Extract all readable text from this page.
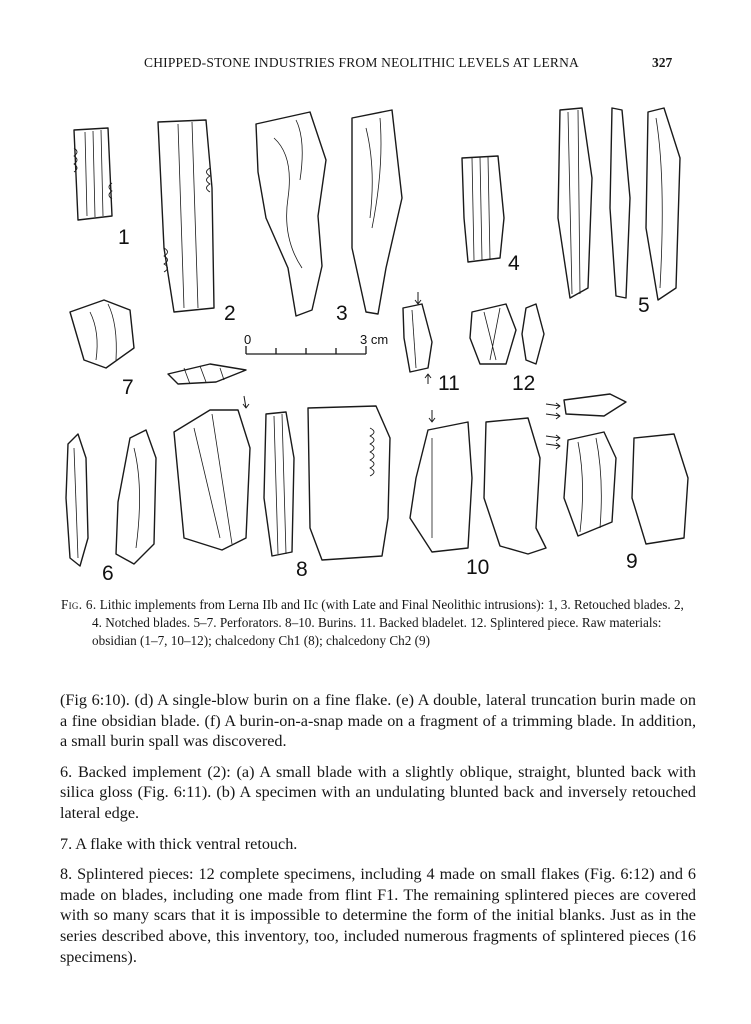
CHIPPED-STONE INDUSTRIES FROM NEOLITHIC LEVELS AT LERNA	327
0	3 cm
1
2	3
4
5
6
7
8	9
10
11 12
Fig. 6. Lithic implements from Lerna IIb and IIc (with Late and Final Neolithic intrusions): 1, 3. Retouched blades. 2, 4. Notched blades. 5–7. Perforators. 8–10. Burins. 11. Backed bladelet. 12. Splintered piece. Raw materials: obsidian (1–7, 10–12); chalcedony Ch1 (8); chalcedony Ch2 (9)

(Fig 6:10). (d) A single-blow burin on a fine flake. (e) A double, lateral truncation burin made on a fine obsidian blade. (f) A burin-on-a-snap made on a fragment of a trimming blade. In addition, a small burin spall was discovered.

6. Backed implement (2): (a) A small blade with a slightly oblique, straight, blunted back with silica gloss (Fig. 6:11). (b) A specimen with an undulating blunted back and inversely retouched lateral edge.

7. A flake with thick ventral retouch.

8. Splintered pieces: 12 complete specimens, including 4 made on small flakes (Fig. 6:12) and 6 made on blades, including one made from flint F1. The remaining splintered pieces are covered with so many scars that it is impossible to determine the form of the initial blanks. Just as in the series described above, this inventory, too, included numerous fragments of splintered pieces (16 specimens).
